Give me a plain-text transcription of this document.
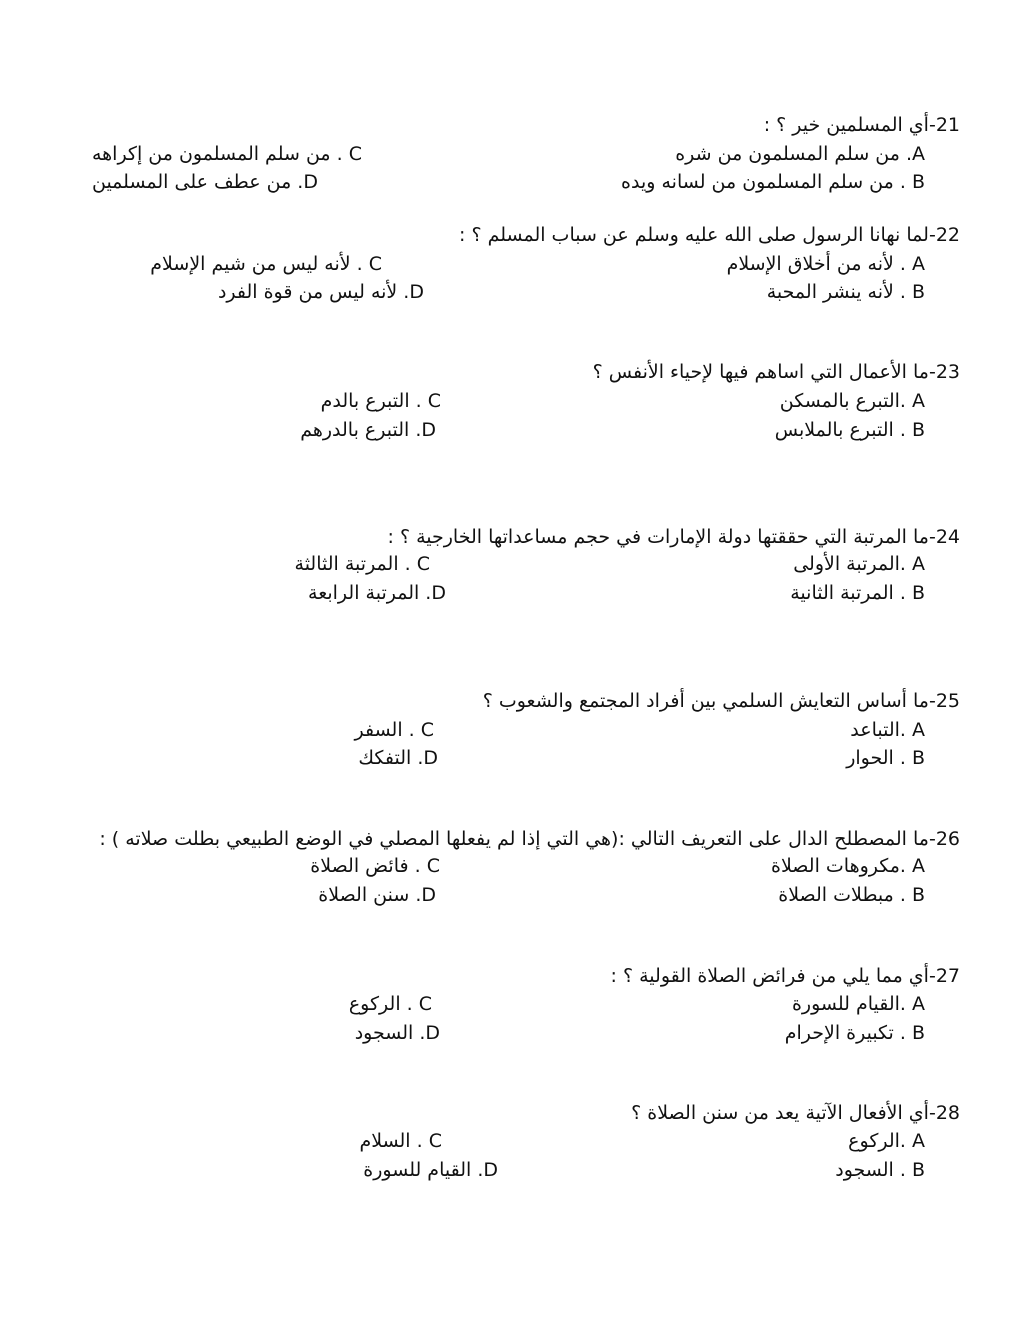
21-أي المسلمين خير ؟ :
A. من سلم المسلمون من شره
B . من سلم المسلمون من لسانه ويده
C . من سلم المسلمون من إكراهه
D. من عطف على المسلمين
22-لما نهانا الرسول صلى الله عليه وسلم عن سباب المسلم ؟ :
A . لأنه من أخلاق الإسلام
B . لأنه ينشر المحبة
C . لأنه ليس من شيم الإسلام
D. لأنه ليس من قوة الفرد
23-ما الأعمال التي اساهم فيها لإحياء الأنفس ؟
A .التبرع بالمسكن
B . التبرع بالملابس
C . التبرع بالدم
D. التبرع بالدرهم
24-ما المرتبة التي حققتها دولة الإمارات في حجم مساعداتها الخارجية ؟ :
A .المرتبة الأولى
B . المرتبة الثانية
C . المرتبة الثالثة
D. المرتبة الرابعة
25-ما أساس التعايش السلمي بين أفراد المجتمع والشعوب ؟
A .التباعد
B . الحوار
C . السفر
D. التفكك
26-ما المصطلح الدال على التعريف التالي :(هي التي إذا لم يفعلها المصلي في الوضع الطبيعي بطلت صلاته ) :
A .مكروهات الصلاة
B . مبطلات الصلاة
C . فائض الصلاة
D. سنن الصلاة
27-أي مما يلي من فرائض الصلاة القولية ؟ :
A .القيام للسورة
B . تكبيرة الإحرام
C . الركوع
D. السجود
28-أي الأفعال الآتية يعد من سنن الصلاة ؟
A .الركوع
B . السجود
C . السلام
D. القيام للسورة
